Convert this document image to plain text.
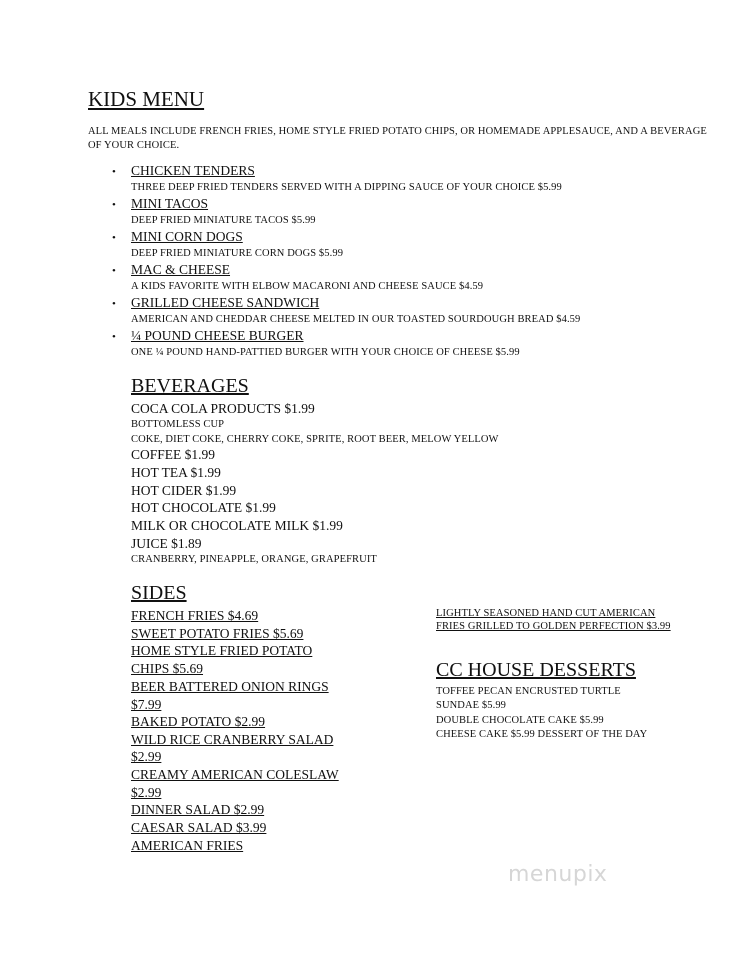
KIDS MENU
ALL MEALS INCLUDE FRENCH FRIES, HOME STYLE FRIED POTATO CHIPS, OR HOMEMADE APPLESAUCE, AND A BEVERAGE
OF YOUR CHOICE.
• CHICKEN TENDERS
THREE DEEP FRIED TENDERS SERVED WITH A DIPPING SAUCE OF YOUR CHOICE $5.99
• MINI TACOS
DEEP FRIED MINIATURE TACOS $5.99
• MINI CORN DOGS
DEEP FRIED MINIATURE CORN DOGS $5.99
• MAC & CHEESE
A KIDS FAVORITE WITH ELBOW MACARONI AND CHEESE SAUCE $4.59
• GRILLED CHEESE SANDWICH
AMERICAN AND CHEDDAR CHEESE MELTED IN OUR TOASTED SOURDOUGH BREAD $4.59
• ¼ POUND CHEESE BURGER
ONE ¼ POUND HAND-PATTIED BURGER WITH YOUR CHOICE OF CHEESE $5.99
BEVERAGES
COCA COLA PRODUCTS $1.99
BOTTOMLESS CUP
COKE, DIET COKE, CHERRY COKE, SPRITE, ROOT BEER, MELOW YELLOW
COFFEE $1.99
HOT TEA $1.99
HOT CIDER $1.99
HOT CHOCOLATE $1.99
MILK OR CHOCOLATE MILK $1.99
JUICE $1.89
CRANBERRY, PINEAPPLE, ORANGE, GRAPEFRUIT
SIDES
FRENCH FRIES $4.69
SWEET POTATO FRIES $5.69
HOME STYLE FRIED POTATO
CHIPS $5.69
BEER BATTERED ONION RINGS
$7.99
BAKED POTATO $2.99
WILD RICE CRANBERRY SALAD
$2.99
CREAMY AMERICAN COLESLAW
$2.99
DINNER SALAD $2.99
CAESAR SALAD $3.99
AMERICAN FRIES
LIGHTLY SEASONED HAND CUT AMERICAN
FRIES GRILLED TO GOLDEN PERFECTION $3.99
CC HOUSE DESSERTS
TOFFEE PECAN ENCRUSTED TURTLE
SUNDAE $5.99
DOUBLE CHOCOLATE CAKE $5.99
CHEESE CAKE $5.99 DESSERT OF THE DAY
menupix
